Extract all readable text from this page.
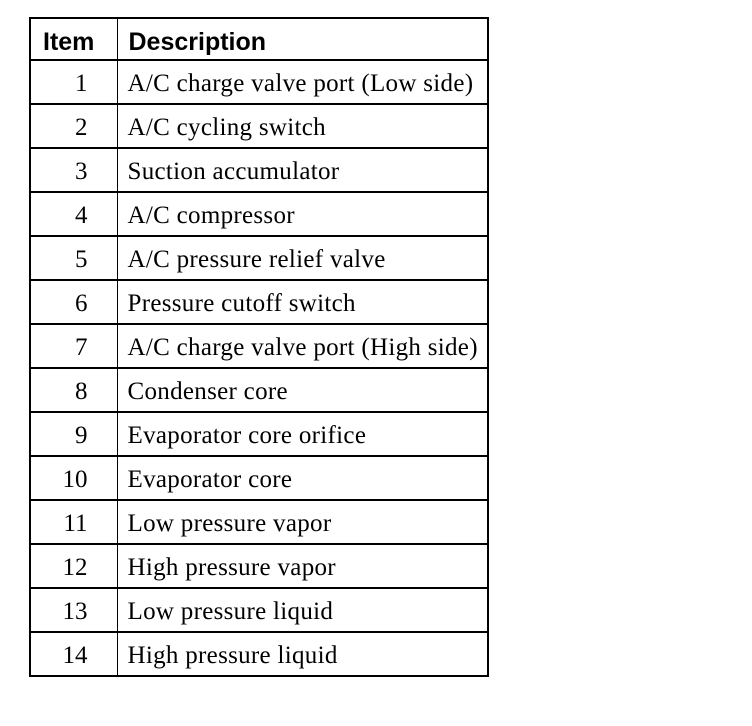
Item	Description
1	A/C charge valve port (Low side)
2	A/C cycling switch
3	Suction accumulator
4	A/C compressor
5	A/C pressure relief valve
6	Pressure cutoff switch
7	A/C charge valve port (High side)
8	Condenser core
9	Evaporator core orifice
10	Evaporator core
11	Low pressure vapor
12	High pressure vapor
13	Low pressure liquid
14	High pressure liquid
